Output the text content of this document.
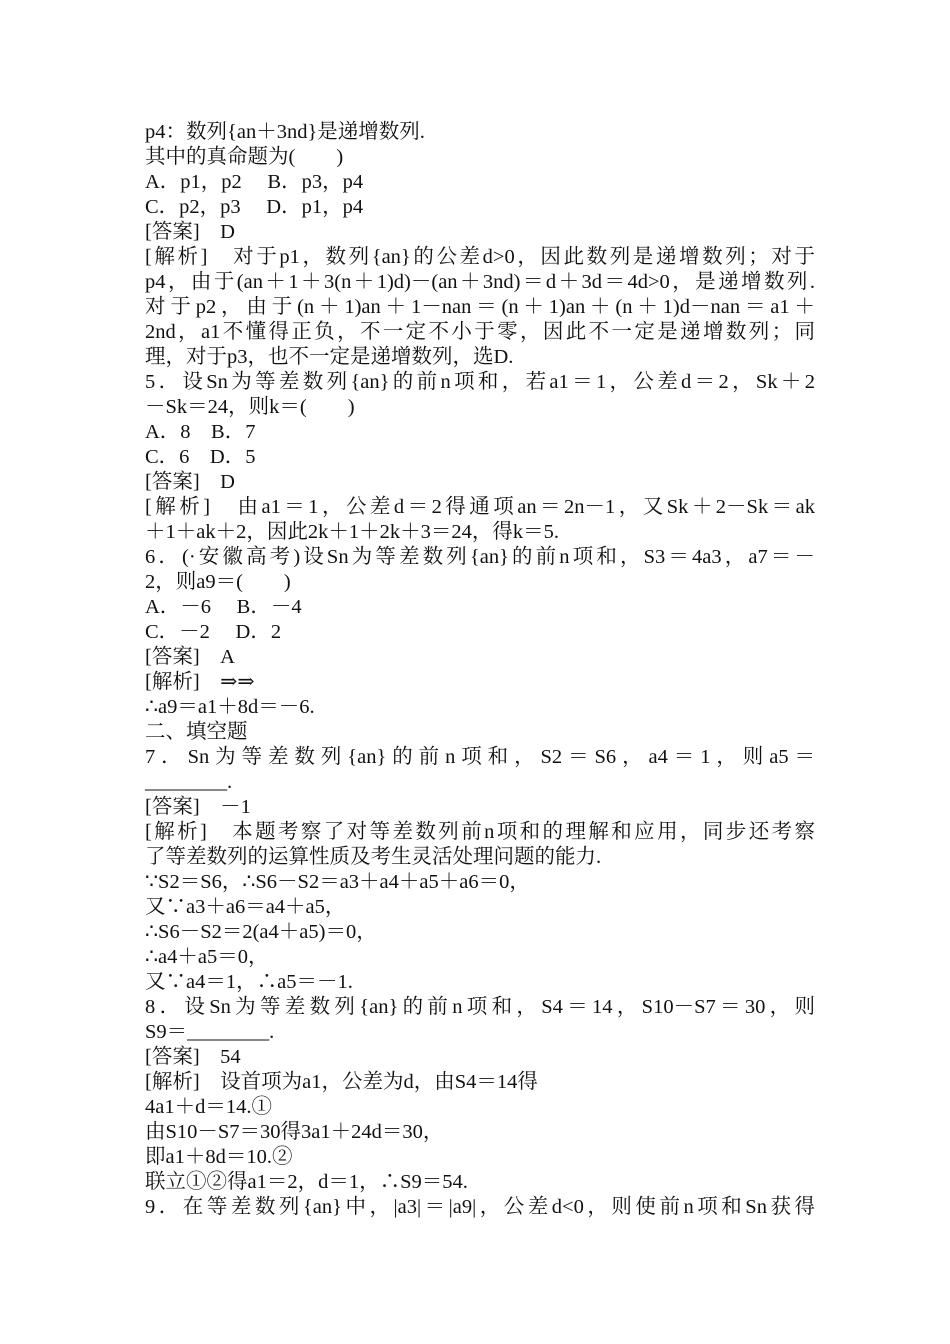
p4：数列{an＋3nd}是递增数列.
其中的真命题为(　　)
A．p1，p2　 B．p3，p4
C．p2，p3　 D．p1，p4
[答案]　D
[解析]　对于p1，数列{an}的公差d>0，因此数列是递增数列；对于
p4，由于(an＋1＋3(n＋1)d)－(an＋3nd)＝d＋3d＝4d>0，是递增数列.
对于p2，由于(n＋1)an＋1－nan＝(n＋1)an＋(n＋1)d－nan＝a1＋
2nd，a1不懂得正负，不一定不小于零，因此不一定是递增数列；同
理，对于p3，也不一定是递增数列，选D.
5．设Sn为等差数列{an}的前n项和，若a1＝1，公差d＝2，Sk＋2
－Sk＝24，则k＝(　　)
A．8　B．7
C．6　D．5
[答案]　D
[解析]　由a1＝1，公差d＝2得通项an＝2n－1，又Sk＋2－Sk＝ak
＋1＋ak＋2，因此2k＋1＋2k＋3＝24，得k＝5.
6．(·安徽高考)设Sn为等差数列{an}的前n项和，S3＝4a3，a7＝－
2，则a9＝(　　)
A．－6　 B．－4
C．－2　 D．2
[答案]　A
[解析]　⇒⇒
∴a9＝a1＋8d＝－6.
二、填空题
7．Sn为等差数列{an}的前n项和，S2＝S6，a4＝1，则a5＝
________.
[答案]　－1
[解析]　本题考察了对等差数列前n项和的理解和应用，同步还考察
了等差数列的运算性质及考生灵活处理问题的能力.
∵S2＝S6，∴S6－S2＝a3＋a4＋a5＋a6＝0，
又∵a3＋a6＝a4＋a5，
∴S6－S2＝2(a4＋a5)＝0，
∴a4＋a5＝0，
又∵a4＝1，∴a5＝－1.
8．设Sn为等差数列{an}的前n项和，S4＝14，S10－S7＝30，则
S9＝________.
[答案]　54
[解析]　设首项为a1，公差为d，由S4＝14得
4a1＋d＝14.①
由S10－S7＝30得3a1＋24d＝30，
即a1＋8d＝10.②
联立①②得a1＝2，d＝1，∴S9＝54.
9．在等差数列{an}中，|a3|＝|a9|，公差d<0，则使前n项和Sn获得
